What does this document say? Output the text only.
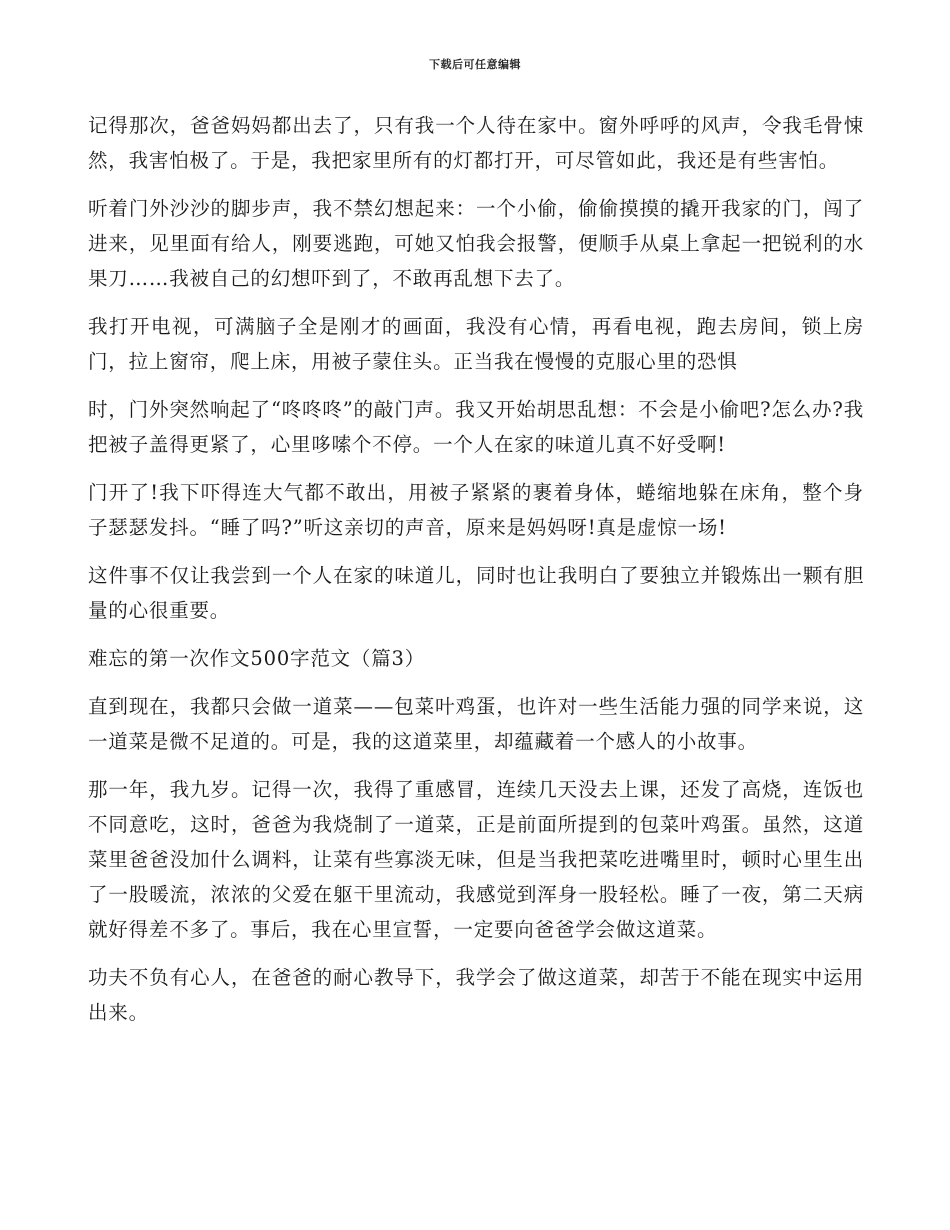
下载后可任意编辑

记得那次，爸爸妈妈都出去了，只有我一个人待在家中。窗外呼呼的风声，令我毛骨悚然，我害怕极了。于是，我把家里所有的灯都打开，可尽管如此，我还是有些害怕。

听着门外沙沙的脚步声，我不禁幻想起来：一个小偷，偷偷摸摸的撬开我家的门，闯了进来，见里面有给人，刚要逃跑，可她又怕我会报警，便顺手从桌上拿起一把锐利的水果刀……我被自己的幻想吓到了，不敢再乱想下去了。

我打开电视，可满脑子全是刚才的画面，我没有心情，再看电视，跑去房间，锁上房门，拉上窗帘，爬上床，用被子蒙住头。正当我在慢慢的克服心里的恐惧

时，门外突然响起了“咚咚咚”的敲门声。我又开始胡思乱想：不会是小偷吧?怎么办?我把被子盖得更紧了，心里哆嗦个不停。一个人在家的味道儿真不好受啊!

门开了!我下吓得连大气都不敢出，用被子紧紧的裹着身体，蜷缩地躲在床角，整个身子瑟瑟发抖。“睡了吗?”听这亲切的声音，原来是妈妈呀!真是虚惊一场!

这件事不仅让我尝到一个人在家的味道儿，同时也让我明白了要独立并锻炼出一颗有胆量的心很重要。

难忘的第一次作文500字范文（篇3）

直到现在，我都只会做一道菜——包菜叶鸡蛋，也许对一些生活能力强的同学来说，这一道菜是微不足道的。可是，我的这道菜里，却蕴藏着一个感人的小故事。

那一年，我九岁。记得一次，我得了重感冒，连续几天没去上课，还发了高烧，连饭也不同意吃，这时，爸爸为我烧制了一道菜，正是前面所提到的包菜叶鸡蛋。虽然，这道菜里爸爸没加什么调料，让菜有些寡淡无味，但是当我把菜吃进嘴里时，顿时心里生出了一股暖流，浓浓的父爱在躯干里流动，我感觉到浑身一股轻松。睡了一夜，第二天病就好得差不多了。事后，我在心里宣誓，一定要向爸爸学会做这道菜。

功夫不负有心人，在爸爸的耐心教导下，我学会了做这道菜，却苦于不能在现实中运用出来。
